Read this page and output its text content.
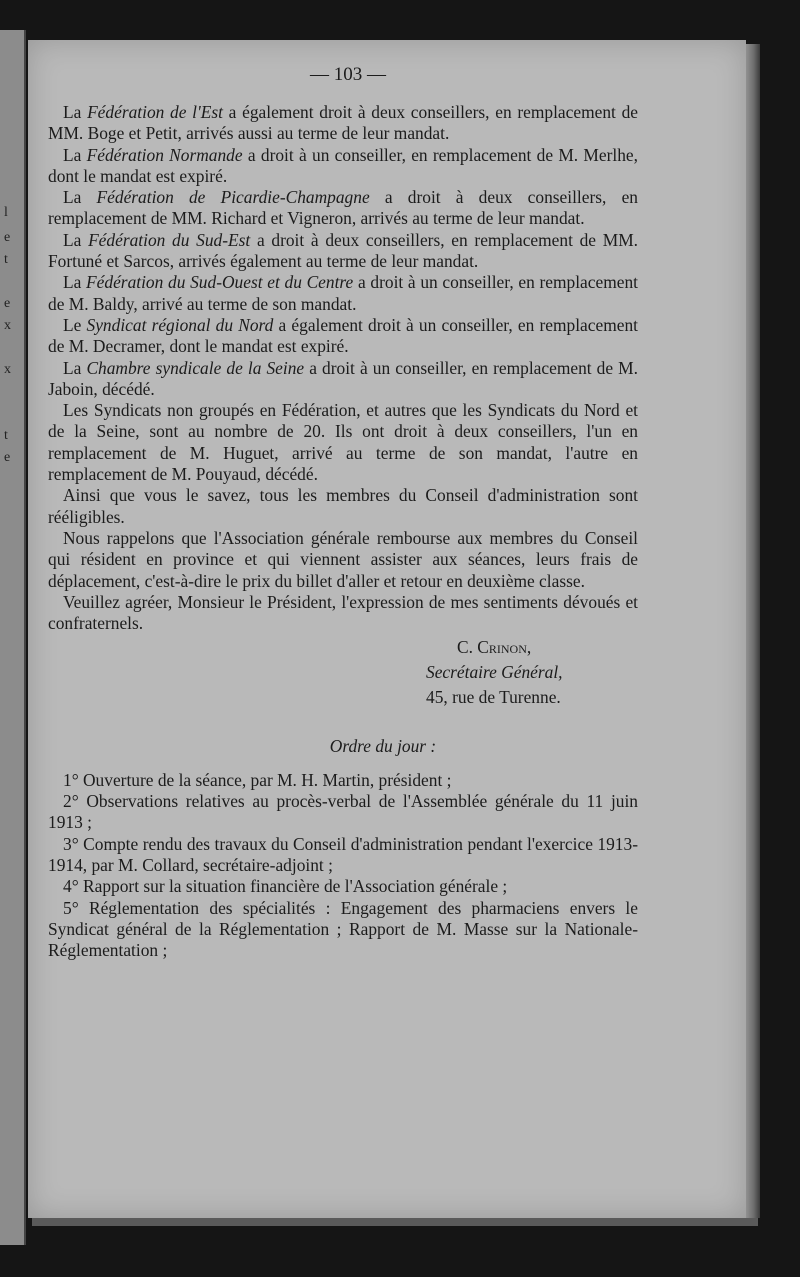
l
e
t
e
x
x
t
e
— 103 —

La Fédération de l'Est a également droit à deux conseillers, en remplacement de MM. Boge et Petit, arrivés aussi au terme de leur mandat.

La Fédération Normande a droit à un conseiller, en remplacement de M. Merlhe, dont le mandat est expiré.

La Fédération de Picardie-Champagne a droit à deux conseillers, en remplacement de MM. Richard et Vigneron, arrivés au terme de leur mandat.

La Fédération du Sud-Est a droit à deux conseillers, en remplacement de MM. Fortuné et Sarcos, arrivés également au terme de leur mandat.

La Fédération du Sud-Ouest et du Centre a droit à un conseiller, en remplacement de M. Baldy, arrivé au terme de son mandat.

Le Syndicat régional du Nord a également droit à un conseiller, en remplacement de M. Decramer, dont le mandat est expiré.

La Chambre syndicale de la Seine a droit à un conseiller, en remplacement de M. Jaboin, décédé.

Les Syndicats non groupés en Fédération, et autres que les Syndicats du Nord et de la Seine, sont au nombre de 20. Ils ont droit à deux conseillers, l'un en remplacement de M. Huguet, arrivé au terme de son mandat, l'autre en remplacement de M. Pouyaud, décédé.

Ainsi que vous le savez, tous les membres du Conseil d'administration sont rééligibles.

Nous rappelons que l'Association générale rembourse aux membres du Conseil qui résident en province et qui viennent assister aux séances, leurs frais de déplacement, c'est-à-dire le prix du billet d'aller et retour en deuxième classe.

Veuillez agréer, Monsieur le Président, l'expression de mes sentiments dévoués et confraternels.

C. Crinon,
Secrétaire Général,
45, rue de Turenne.
Ordre du jour :

1° Ouverture de la séance, par M. H. Martin, président ;

2° Observations relatives au procès-verbal de l'Assemblée générale du 11 juin 1913 ;

3° Compte rendu des travaux du Conseil d'administration pendant l'exercice 1913-1914, par M. Collard, secrétaire-adjoint ;

4° Rapport sur la situation financière de l'Association générale ;

5° Réglementation des spécialités : Engagement des pharmaciens envers le Syndicat général de la Réglementation ; Rapport de M. Masse sur la Nationale-Réglementation ;
